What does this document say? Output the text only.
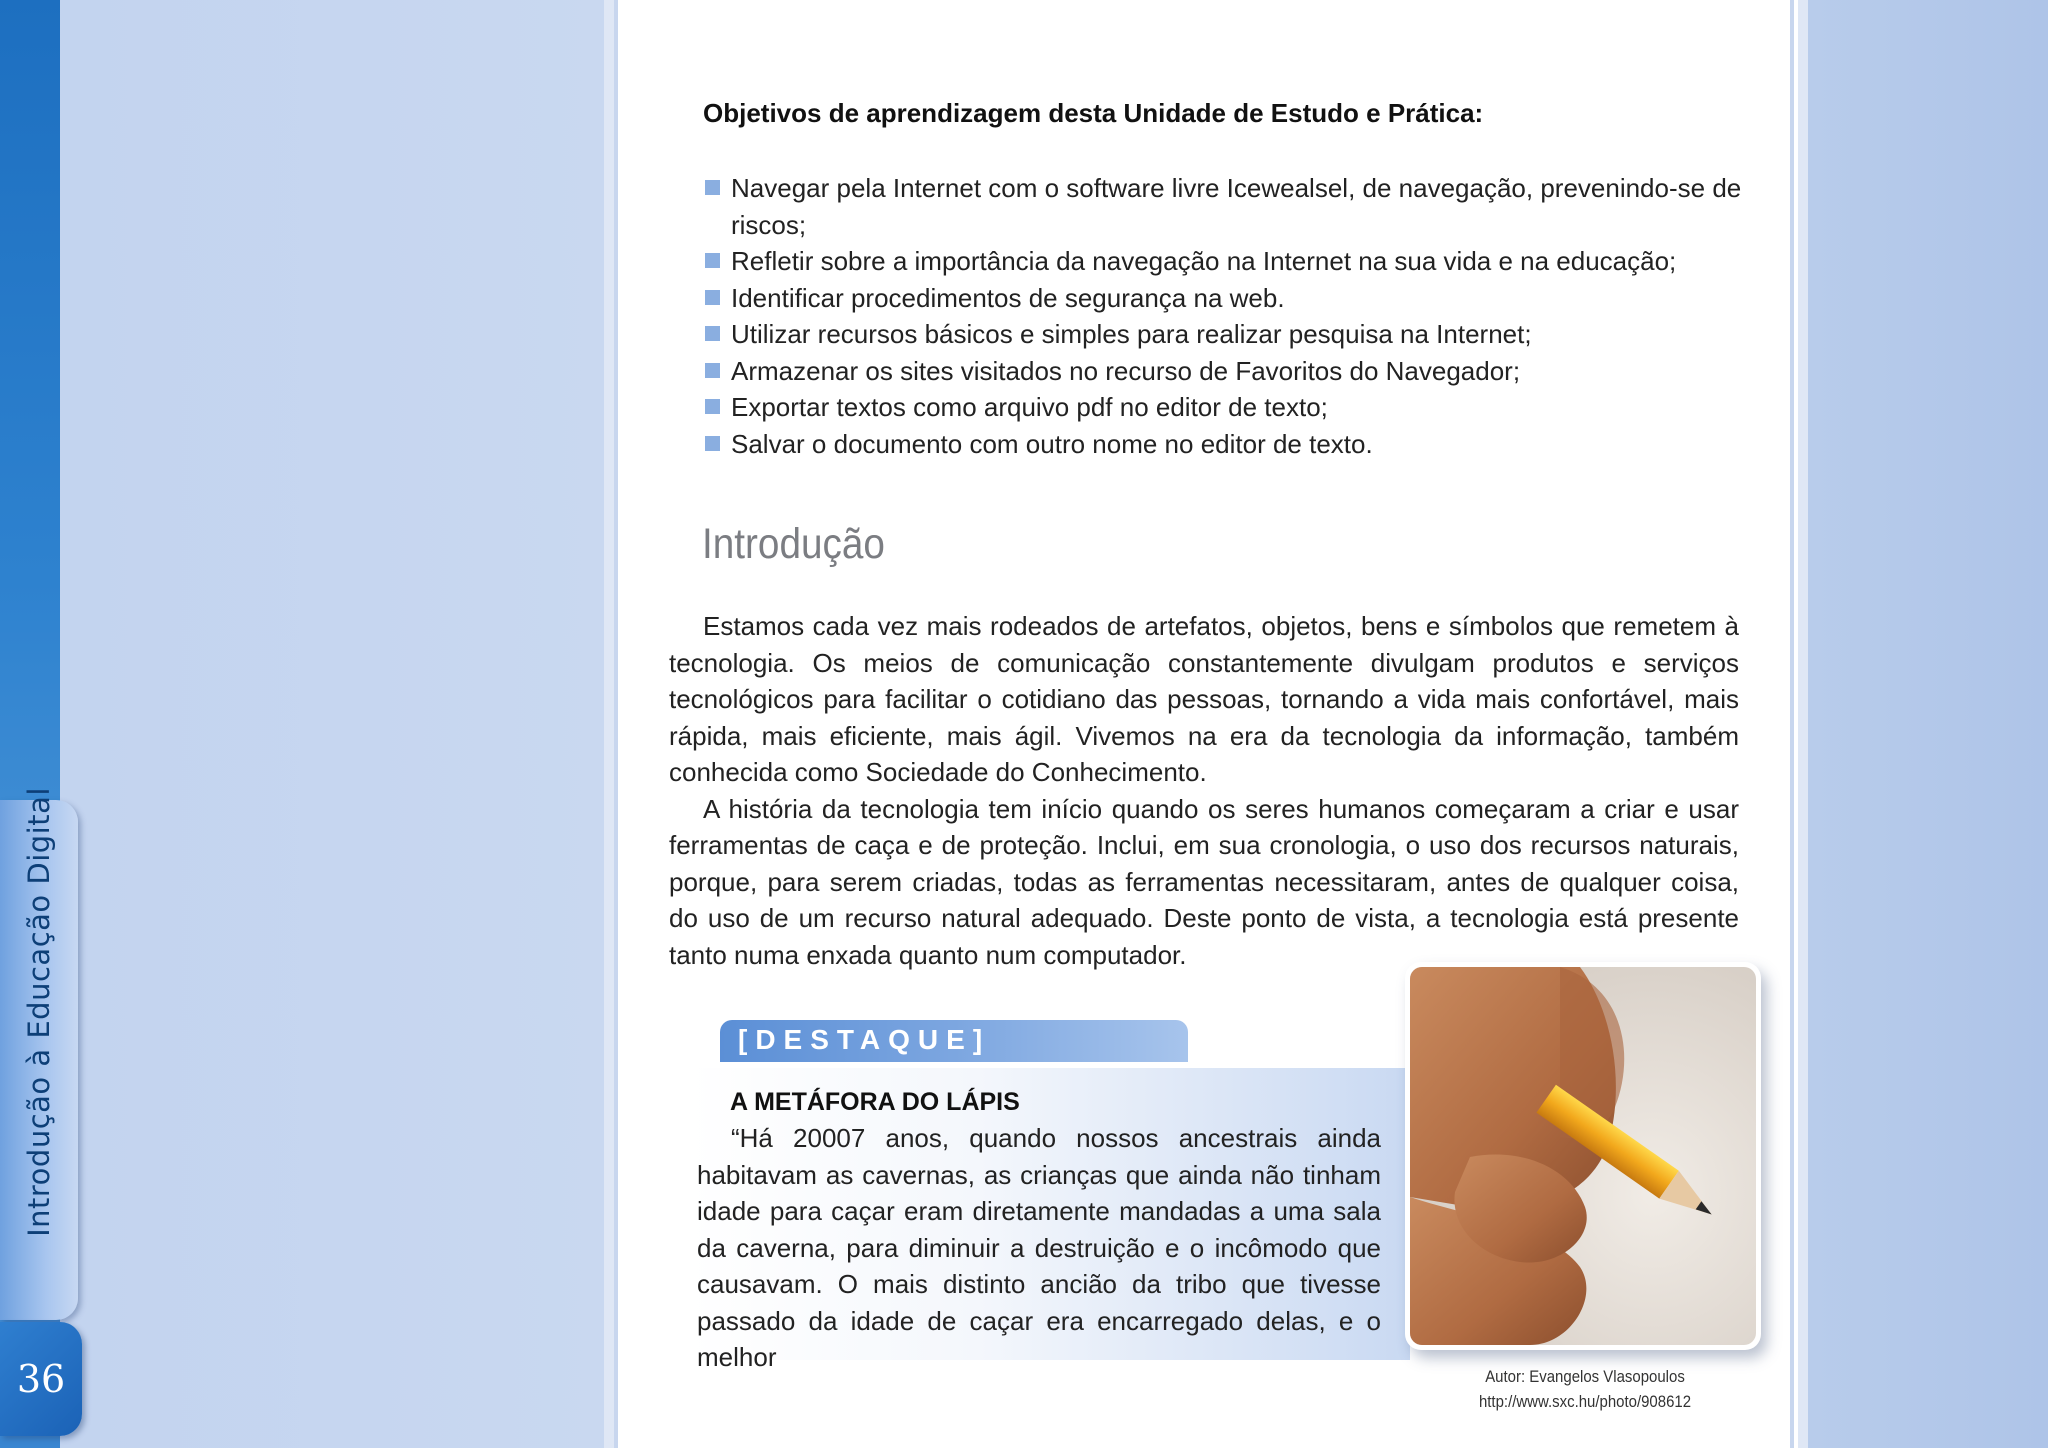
Introdução à Educação Digital
36
Objetivos de aprendizagem desta Unidade de Estudo e Prática:
Navegar pela Internet com o software livre Icewealsel, de navegação, prevenindo-se de riscos;
Refletir sobre a importância da navegação na Internet na sua vida e na educação;
Identificar procedimentos de segurança na web.
Utilizar recursos básicos e simples para realizar pesquisa na Internet;
Armazenar os sites visitados no recurso de Favoritos do Navegador;
Exportar textos como arquivo pdf no editor de texto;
Salvar o documento com outro nome no editor de texto.
Introdução

Estamos cada vez mais rodeados de artefatos, objetos, bens e símbolos que remetem à tecnologia. Os meios de comunicação constantemente divulgam produtos e serviços tecnológicos para facilitar o cotidiano das pessoas, tornando a vida mais confortável, mais rápida, mais eficiente, mais ágil. Vivemos na era da tecnologia da informação, também conhecida como Sociedade do Conhecimento.

A história da tecnologia tem início quando os seres humanos começaram a criar e usar ferramentas de caça e de proteção. Inclui, em sua cronologia, o uso dos recursos naturais, porque, para serem criadas, todas as ferramentas necessitaram, antes de qualquer coisa, do uso de um recurso natural adequado. Deste ponto de vista, a tecnologia está presente tanto numa enxada quanto num computador.

[DESTAQUE]
A METÁFORA DO LÁPIS

“Há 20007 anos, quando nossos ancestrais ainda habitavam as cavernas, as crianças que ainda não tinham idade para caçar eram diretamente mandadas a uma sala da caverna, para diminuir a destruição e o incômodo que causavam. O mais distinto ancião da tribo que tivesse passado da idade de caçar era encarregado delas, e o melhor

Autor: Evangelos Vlasopoulos
http://www.sxc.hu/photo/908612
